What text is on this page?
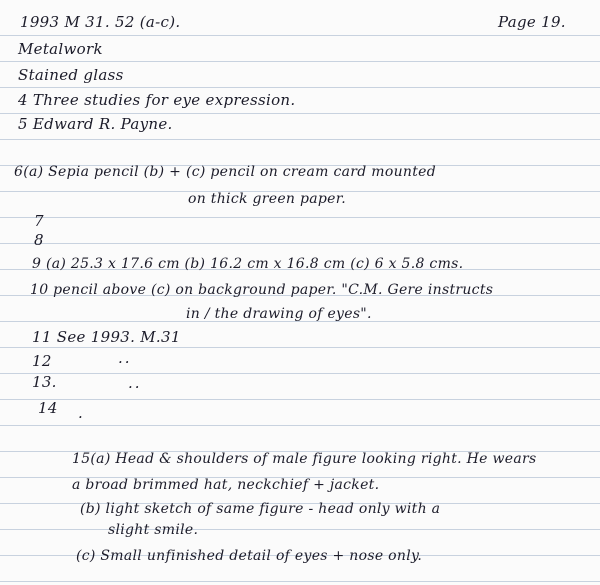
1993 M 31. 52 (a-c).	Page 19.
Metalwork
Stained glass
4 Three studies for eye expression.
5 Edward R. Payne.
6(a) Sepia pencil (b) + (c) pencil on cream card mounted
on thick green paper.
7
8
9 (a) 25.3 x 17.6 cm (b) 16.2 cm x 16.8 cm (c) 6 x 5.8 cms.
10 pencil above (c) on background paper. "C.M. Gere instructs
in / the drawing of eyes".
11 See 1993. M.31
12	..
13.	..
14 .
15(a) Head & shoulders of male figure looking right. He wears
a broad brimmed hat, neckchief + jacket.
(b) light sketch of same figure - head only with a
slight smile.
(c) Small unfinished detail of eyes + nose only.
